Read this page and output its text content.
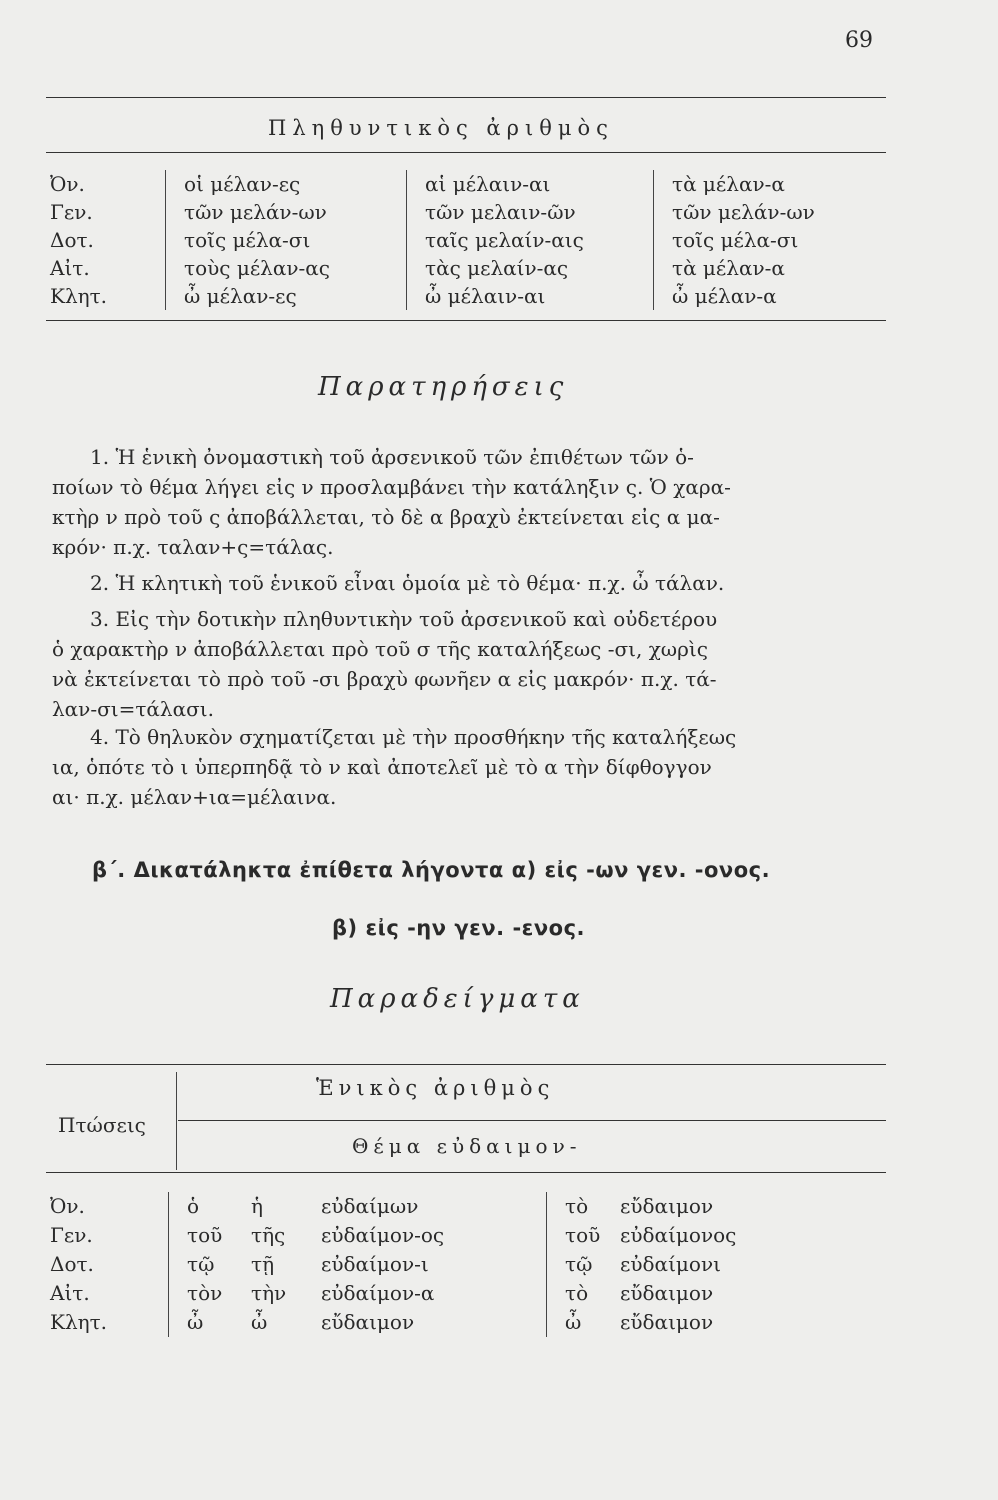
69
Πληθυντικὸς ἀριθμὸς
Ὀν.	οἱ μέλαν-ες	αἱ μέλαιν-αι	τὰ μέλαν-α
Γεν.	τῶν μελάν-ων	τῶν μελαιν-ῶν	τῶν μελάν-ων
Δοτ.	τοῖς μέλα-σι	ταῖς μελαίν-αις	τοῖς μέλα-σι
Αἰτ.	τοὺς μέλαν-ας	τὰς μελαίν-ας	τὰ μέλαν-α
Κλητ.	ὦ μέλαν-ες	ὦ μέλαιν-αι	ὦ μέλαν-α
Παρατηρήσεις
1. Ἡ ἑνικὴ ὀνομαστικὴ τοῦ ἀρσενικοῦ τῶν ἐπιθέτων τῶν ὁ-
ποίων τὸ θέμα λήγει εἰς ν προσλαμβάνει τὴν κατάληξιν ς. Ὁ χαρα-
κτὴρ ν πρὸ τοῦ ς ἀποβάλλεται, τὸ δὲ α βραχὺ ἐκτείνεται εἰς α μα-
κρόν· π.χ. ταλαν+ς=τάλας.
2. Ἡ κλητικὴ τοῦ ἑνικοῦ εἶναι ὁμοία μὲ τὸ θέμα· π.χ. ὦ τάλαν.
3. Εἰς τὴν δοτικὴν πληθυντικὴν τοῦ ἀρσενικοῦ καὶ οὐδετέρου
ὁ χαρακτὴρ ν ἀποβάλλεται πρὸ τοῦ σ τῆς καταλήξεως -σι, χωρὶς
νὰ ἐκτείνεται τὸ πρὸ τοῦ -σι βραχὺ φωνῆεν α εἰς μακρόν· π.χ. τά-
λαν-σι=τάλασι.
4. Τὸ θηλυκὸν σχηματίζεται μὲ τὴν προσθήκην τῆς καταλήξεως
ια, ὁπότε τὸ ι ὑπερπηδᾷ τὸ ν καὶ ἀποτελεῖ μὲ τὸ α τὴν δίφθογγον
αι· π.χ. μέλαν+ια=μέλαινα.
β΄. Δικατάληκτα ἐπίθετα λήγοντα α) εἰς -ων γεν. -ονος.
β) εἰς -ην γεν. -ενος.
Παραδείγματα
Πτώσεις
Ἑνικὸς ἀριθμὸς
Θέμα εὐδαιμον-
Ὀν.	ὁ ἡ	εὐδαίμων	τὸ εὔδαιμον
Γεν.	τοῦ τῆς	εὐδαίμον-ος	τοῦ εὐδαίμονος
Δοτ.	τῷ τῇ	εὐδαίμον-ι	τῷ εὐδαίμονι
Αἰτ.	τὸν τὴν	εὐδαίμον-α	τὸ εὔδαιμον
Κλητ.	ὦ ὦ	εὔδαιμον	ὦ εὔδαιμον
